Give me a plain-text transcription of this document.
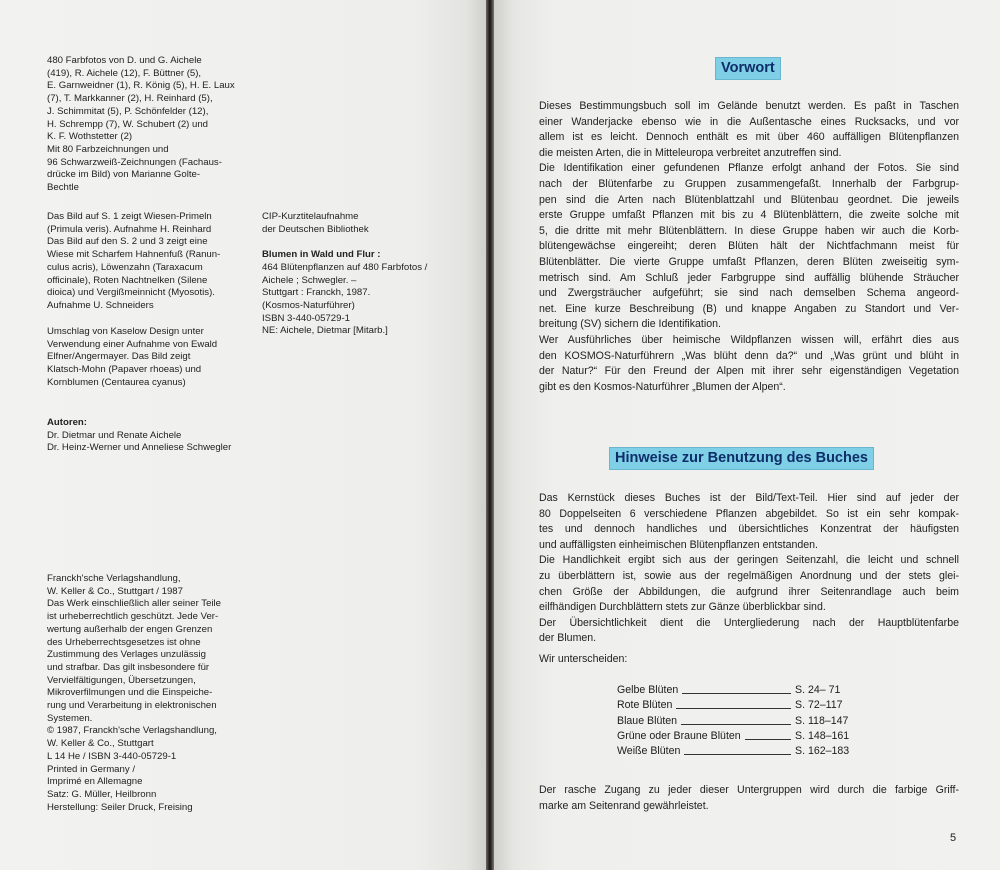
480 Farbfotos von D. und G. Aichele
(419), R. Aichele (12), F. Büttner (5),
E. Garnweidner (1), R. König (5), H. E. Laux
(7), T. Markkanner (2), H. Reinhard (5),
J. Schimmitat (5), P. Schönfelder (12),
H. Schrempp (7), W. Schubert (2) und
K. F. Wothstetter (2)
Mit 80 Farbzeichnungen und
96 Schwarzweiß-Zeichnungen (Fachaus-
drücke im Bild) von Marianne Golte-
Bechtle
Das Bild auf S. 1 zeigt Wiesen-Primeln
(Primula veris). Aufnahme H. Reinhard
Das Bild auf den S. 2 und 3 zeigt eine
Wiese mit Scharfem Hahnenfuß (Ranun-
culus acris), Löwenzahn (Taraxacum
officinale), Roten Nachtnelken (Silene
dioica) und Vergißmeinnicht (Myosotis).
Aufnahme U. Schneiders
CIP-Kurztitelaufnahme
der Deutschen Bibliothek

Blumen in Wald und Flur :
464 Blütenpflanzen auf 480 Farbfotos /
Aichele ; Schwegler. –
Stuttgart : Franckh, 1987.
(Kosmos-Naturführer)
ISBN 3-440-05729-1
NE: Aichele, Dietmar [Mitarb.]
Umschlag von Kaselow Design unter
Verwendung einer Aufnahme von Ewald
Elfner/Angermayer. Das Bild zeigt
Klatsch-Mohn (Papaver rhoeas) und
Kornblumen (Centaurea cyanus)
Autoren:
Dr. Dietmar und Renate Aichele
Dr. Heinz-Werner und Anneliese Schwegler
Franckh'sche Verlagshandlung,
W. Keller & Co., Stuttgart / 1987
Das Werk einschließlich aller seiner Teile
ist urheberrechtlich geschützt. Jede Ver-
wertung außerhalb der engen Grenzen
des Urheberrechtsgesetzes ist ohne
Zustimmung des Verlages unzulässig
und strafbar. Das gilt insbesondere für
Vervielfältigungen, Übersetzungen,
Mikroverfilmungen und die Einspeiche-
rung und Verarbeitung in elektronischen
Systemen.
© 1987, Franckh'sche Verlagshandlung,
W. Keller & Co., Stuttgart
L 14 He / ISBN 3-440-05729-1
Printed in Germany /
Imprimé en Allemagne
Satz: G. Müller, Heilbronn
Herstellung: Seiler Druck, Freising
Vorwort
Dieses Bestimmungsbuch soll im Gelände benutzt werden. Es paßt in Taschen
einer Wanderjacke ebenso wie in die Außentasche eines Rucksacks, und vor
allem ist es leicht. Dennoch enthält es mit über 460 auffälligen Blütenpflanzen
die meisten Arten, die in Mitteleuropa verbreitet anzutreffen sind.
Die Identifikation einer gefundenen Pflanze erfolgt anhand der Fotos. Sie sind
nach der Blütenfarbe zu Gruppen zusammengefaßt. Innerhalb der Farbgrup-
pen sind die Arten nach Blütenblattzahl und Blütenbau geordnet. Die jeweils
erste Gruppe umfaßt Pflanzen mit bis zu 4 Blütenblättern, die zweite solche mit
5, die dritte mit mehr Blütenblättern. In diese Gruppe haben wir auch die Korb-
blütengewächse eingereiht; deren Blüten hält der Nichtfachmann meist für
Blütenblätter. Die vierte Gruppe umfaßt Pflanzen, deren Blüten zweiseitig sym-
metrisch sind. Am Schluß jeder Farbgruppe sind auffällig blühende Sträucher
und Zwergsträucher aufgeführt; sie sind nach demselben Schema angeord-
net. Eine kurze Beschreibung (B) und knappe Angaben zu Standort und Ver-
breitung (SV) sichern die Identifikation.
Wer Ausführliches über heimische Wildpflanzen wissen will, erfährt dies aus
den KOSMOS-Naturführern „Was blüht denn da?“ und „Was grünt und blüht in
der Natur?“ Für den Freund der Alpen mit ihrer sehr eigenständigen Vegetation
gibt es den Kosmos-Naturführer „Blumen der Alpen“.
Hinweise zur Benutzung des Buches
Das Kernstück dieses Buches ist der Bild/Text-Teil. Hier sind auf jeder der
80 Doppelseiten 6 verschiedene Pflanzen abgebildet. So ist ein sehr kompak-
tes und dennoch handliches und übersichtliches Konzentrat der häufigsten
und auffälligsten einheimischen Blütenpflanzen entstanden.
Die Handlichkeit ergibt sich aus der geringen Seitenzahl, die leicht und schnell
zu überblättern ist, sowie aus der regelmäßigen Anordnung und der stets glei-
chen Größe der Abbildungen, die aufgrund ihrer Seitenrandlage auch beim
eilfhändigen Durchblättern stets zur Gänze überblickbar sind.
Der Übersichtlichkeit dient die Untergliederung nach der Hauptblütenfarbe
der Blumen.
Wir unterscheiden:
Gelbe Blüten	S. 24– 71
Rote Blüten	S. 72–117
Blaue Blüten	S. 118–147
Grüne oder Braune Blüten	S. 148–161
Weiße Blüten	S. 162–183
Der rasche Zugang zu jeder dieser Untergruppen wird durch die farbige Griff-
marke am Seitenrand gewährleistet.
5
